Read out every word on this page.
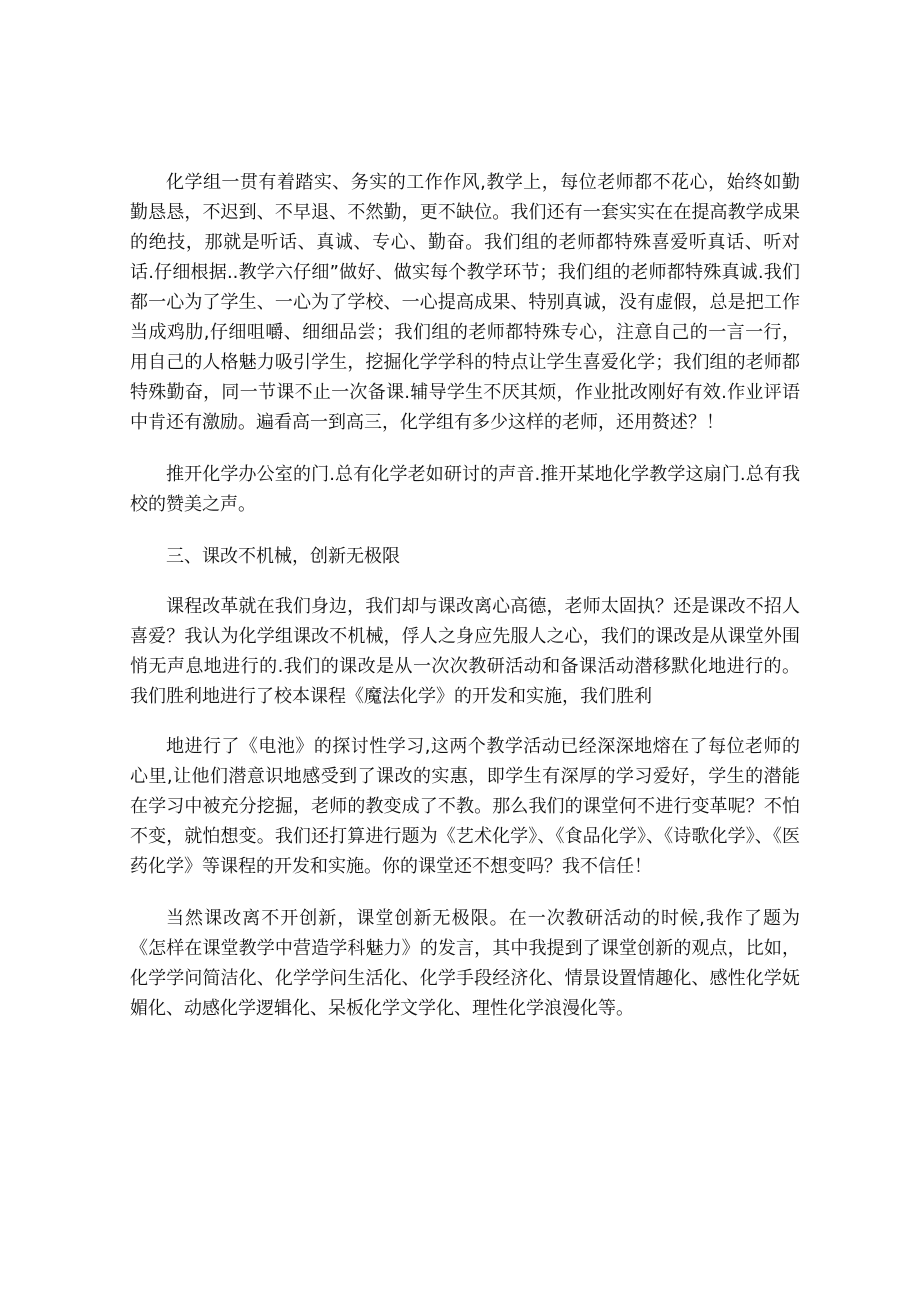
化学组一贯有着踏实、务实的工作作风,教学上，每位老师都不花心，始终如勤勤恳恳，不迟到、不早退、不然勤，更不缺位。我们还有一套实实在在提高教学成果的绝技，那就是听话、真诚、专心、勤奋。我们组的老师都特殊喜爱听真话、听对话.仔细根据..教学六仔细”做好、做实每个教学环节；我们组的老师都特殊真诚.我们都一心为了学生、一心为了学校、一心提高成果、特别真诚，没有虚假，总是把工作当成鸡肋,仔细咀嚼、细细品尝；我们组的老师都特殊专心，注意自己的一言一行，用自己的人格魅力吸引学生，挖掘化学学科的特点让学生喜爱化学；我们组的老师都特殊勤奋，同一节课不止一次备课.辅导学生不厌其烦，作业批改刚好有效.作业评语中肯还有激励。遍看高一到高三，化学组有多少这样的老师，还用赘述？！

推开化学办公室的门.总有化学老如研讨的声音.推开某地化学教学这扇门.总有我校的赞美之声。

三、课改不机械，创新无极限

课程改革就在我们身边，我们却与课改离心高德，老师太固执？还是课改不招人喜爱？我认为化学组课改不机械，俘人之身应先服人之心，我们的课改是从课堂外围悄无声息地进行的.我们的课改是从一次次教研活动和备课活动潜移默化地进行的。我们胜利地进行了校本课程《魔法化学》的开发和实施，我们胜利

地进行了《电池》的探讨性学习,这两个教学活动已经深深地熔在了每位老师的心里,让他们潜意识地感受到了课改的实惠，即学生有深厚的学习爱好，学生的潜能在学习中被充分挖掘，老师的教变成了不教。那么我们的课堂何不进行变革呢？不怕不变，就怕想变。我们还打算进行题为《艺术化学》、《食品化学》、《诗歌化学》、《医药化学》等课程的开发和实施。你的课堂还不想变吗？我不信任！

当然课改离不开创新，课堂创新无极限。在一次教研活动的时候,我作了题为《怎样在课堂教学中营造学科魅力》的发言，其中我提到了课堂创新的观点，比如，化学学问简洁化、化学学问生活化、化学手段经济化、情景设置情趣化、感性化学妩媚化、动感化学逻辑化、呆板化学文学化、理性化学浪漫化等。
